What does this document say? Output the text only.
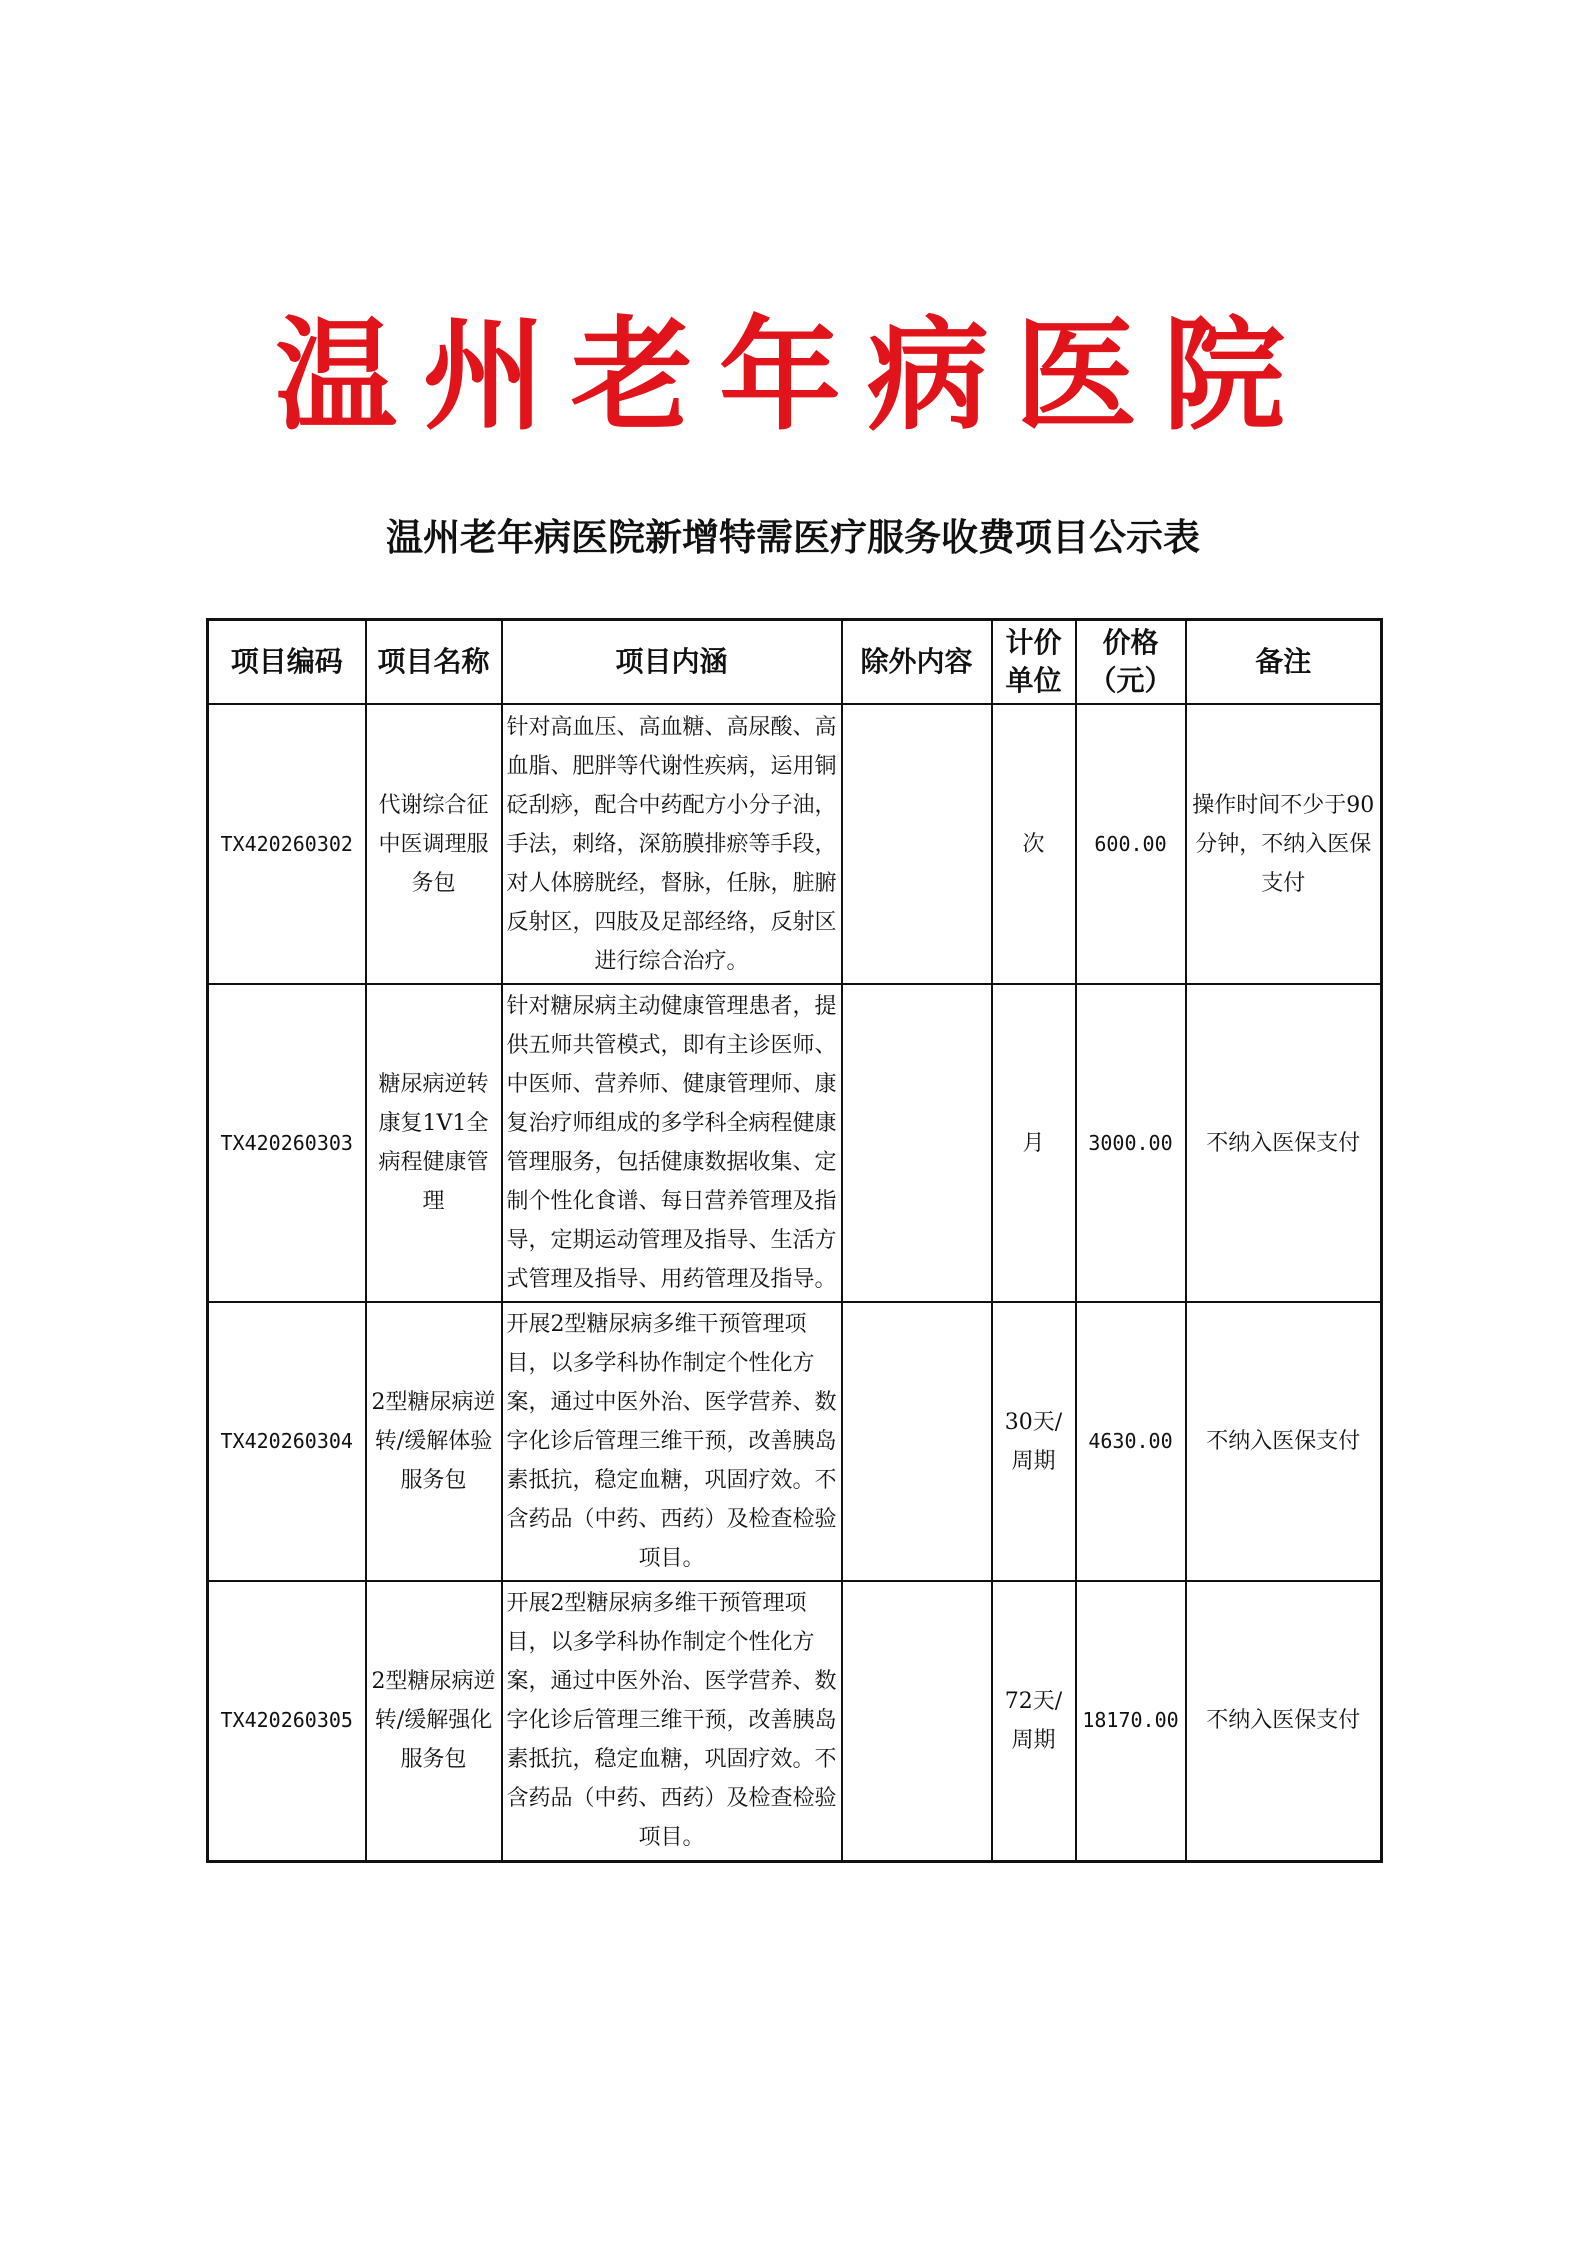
温州老年病医院
温州老年病医院新增特需医疗服务收费项目公示表
项目编码	项目名称	项目内涵	除外内容	计价单位	价格（元）	备注
TX420260302	代谢综合征中医调理服务包	针对高血压、高血糖、高尿酸、高血脂、肥胖等代谢性疾病，运用铜砭刮痧，配合中药配方小分子油，手法，刺络，深筋膜排瘀等手段，对人体膀胱经，督脉，任脉，脏腑反射区，四肢及足部经络，反射区进行综合治疗。		次	600.00	操作时间不少于90分钟，不纳入医保支付
TX420260303	糖尿病逆转康复1V1全病程健康管理	针对糖尿病主动健康管理患者，提供五师共管模式，即有主诊医师、中医师、营养师、健康管理师、康复治疗师组成的多学科全病程健康管理服务，包括健康数据收集、定制个性化食谱、每日营养管理及指导，定期运动管理及指导、生活方式管理及指导、用药管理及指导。		月	3000.00	不纳入医保支付
TX420260304	2型糖尿病逆转/缓解体验服务包	开展2型糖尿病多维干预管理项目，以多学科协作制定个性化方案，通过中医外治、医学营养、数字化诊后管理三维干预，改善胰岛素抵抗，稳定血糖，巩固疗效。不含药品（中药、西药）及检查检验项目。		30天/周期	4630.00	不纳入医保支付
TX420260305	2型糖尿病逆转/缓解强化服务包	开展2型糖尿病多维干预管理项目，以多学科协作制定个性化方案，通过中医外治、医学营养、数字化诊后管理三维干预，改善胰岛素抵抗，稳定血糖，巩固疗效。不含药品（中药、西药）及检查检验项目。		72天/周期	18170.00	不纳入医保支付
